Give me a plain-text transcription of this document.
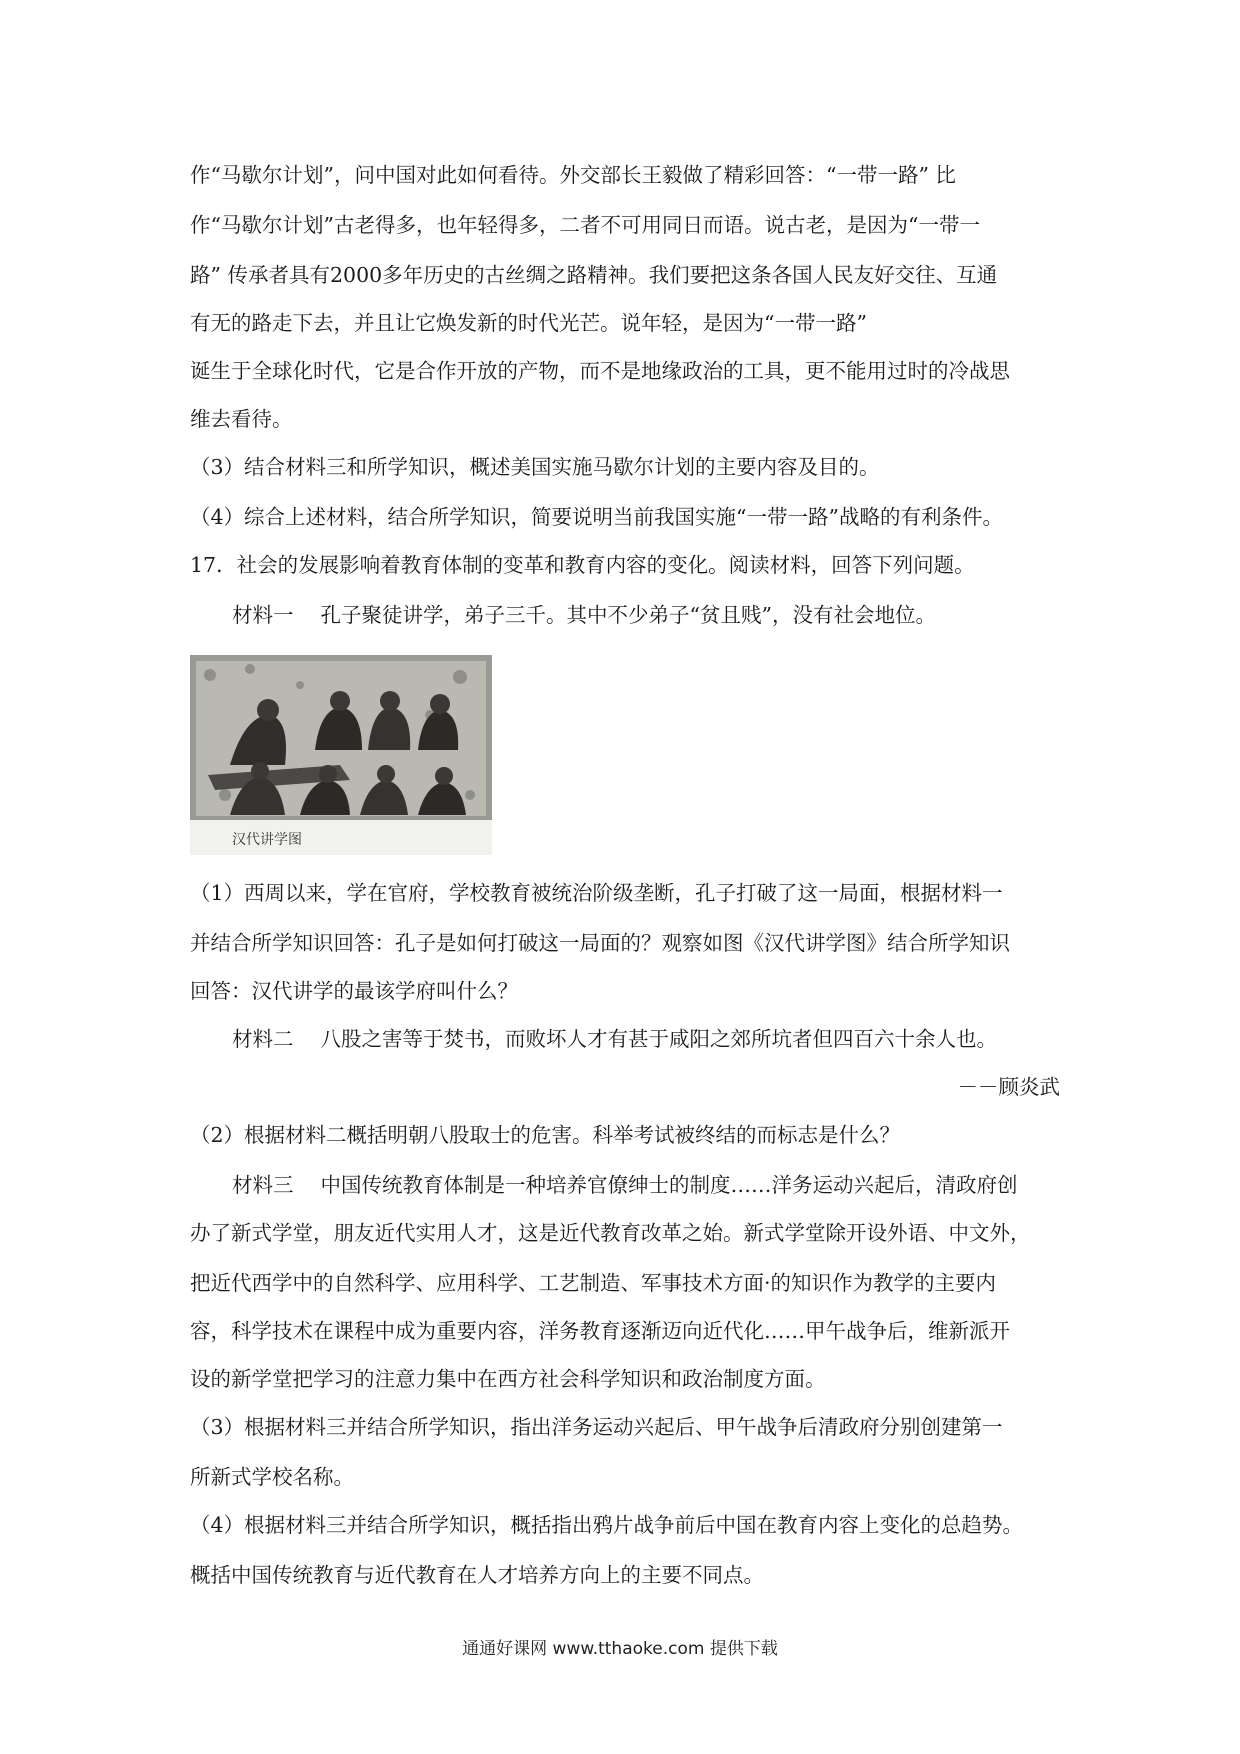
作“马歇尔计划”，问中国对此如何看待。外交部长王毅做了精彩回答：“一带一路” 比
作“马歇尔计划”古老得多，也年轻得多，二者不可用同日而语。说古老，是因为“一带一
路” 传承者具有2000多年历史的古丝绸之路精神。我们要把这条各国人民友好交往、互通
有无的路走下去，并且让它焕发新的时代光芒。说年轻，是因为“一带一路”
诞生于全球化时代，它是合作开放的产物，而不是地缘政治的工具，更不能用过时的冷战思
维去看待。
（3）结合材料三和所学知识，概述美国实施马歇尔计划的主要内容及目的。
（4）综合上述材料，结合所学知识，简要说明当前我国实施“一带一路”战略的有利条件。
17．社会的发展影响着教育体制的变革和教育内容的变化。阅读材料，回答下列问题。
材料一　 孔子聚徒讲学，弟子三千。其中不少弟子“贫且贱”，没有社会地位。
汉代讲学图
（1）西周以来，学在官府，学校教育被统治阶级垄断，孔子打破了这一局面，根据材料一
并结合所学知识回答：孔子是如何打破这一局面的？观察如图《汉代讲学图》结合所学知识
回答：汉代讲学的最该学府叫什么？
材料二　 八股之害等于焚书，而败坏人才有甚于咸阳之郊所坑者但四百六十余人也。
－－顾炎武
（2）根据材料二概括明朝八股取士的危害。科举考试被终结的而标志是什么？
材料三　 中国传统教育体制是一种培养官僚绅士的制度……洋务运动兴起后，清政府创
办了新式学堂，朋友近代实用人才，这是近代教育改革之始。新式学堂除开设外语、中文外，
把近代西学中的自然科学、应用科学、工艺制造、军事技术方面·的知识作为教学的主要内
容，科学技术在课程中成为重要内容，洋务教育逐渐迈向近代化……甲午战争后，维新派开
设的新学堂把学习的注意力集中在西方社会科学知识和政治制度方面。
（3）根据材料三并结合所学知识，指出洋务运动兴起后、甲午战争后清政府分别创建第一
所新式学校名称。
（4）根据材料三并结合所学知识，概括指出鸦片战争前后中国在教育内容上变化的总趋势。
概括中国传统教育与近代教育在人才培养方向上的主要不同点。
通通好课网 www.tthaoke.com 提供下载
